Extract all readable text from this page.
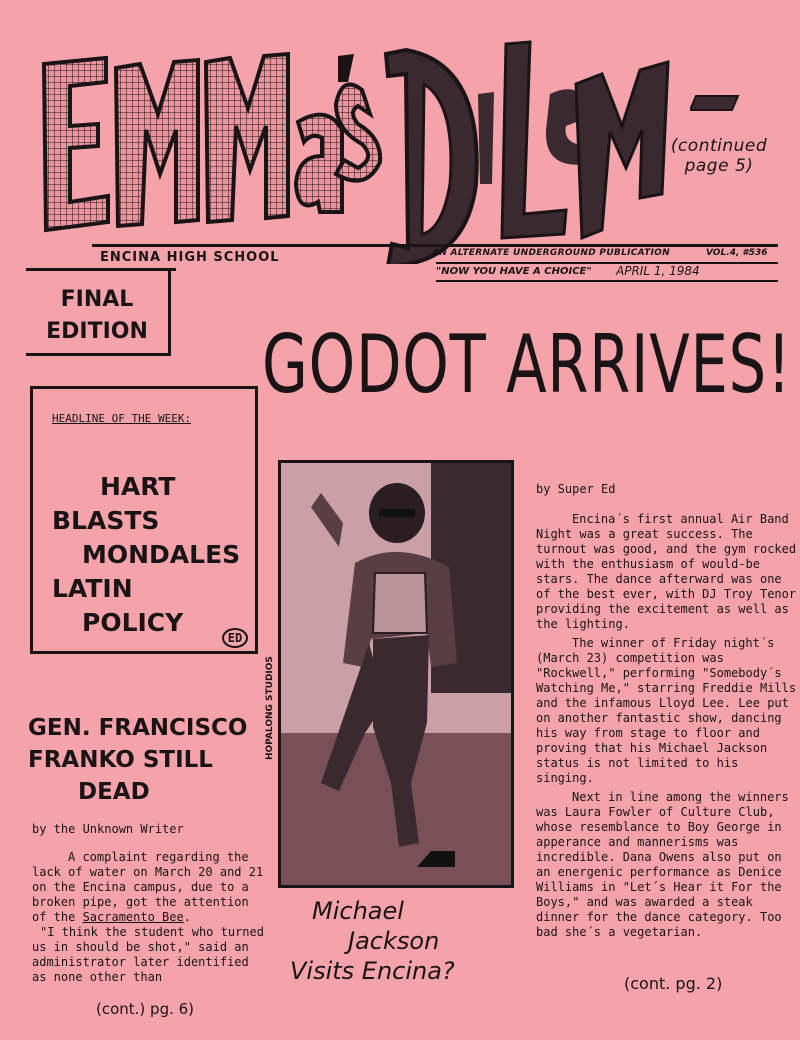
(continued page 5)
ENCINA HIGH SCHOOL	AN ALTERNATE UNDERGROUND PUBLICATION	VOL.4, #536
"NOW YOU HAVE A CHOICE" APRIL 1, 1984
FINAL
EDITION GODOT ARRIVES!
HEADLINE OF THE WEEK:
HART
BLASTS
MONDALES
LATIN
POLICY
ED
HOPALONG STUDIOS
Michael
Jackson
Visits Encina?
GEN. FRANCISCO
FRANKO STILL
DEAD
by the Unknown Writer

A complaint regarding the lack of water on March 20 and 21 on the Encina campus, due to a broken pipe, got the attention of the Sacramento Bee.

"I think the student who turned us in should be shot," said an administrator later identified as none other than

(cont.) pg. 6)
by Super Ed

Encina´s first annual Air Band Night was a great success. The turnout was good, and the gym rocked with the enthusiasm of would-be stars. The dance afterward was one of the best ever, with DJ Troy Tenor providing the excitement as well as the lighting.

The winner of Friday night´s (March 23) competition was "Rockwell," performing "Somebody´s Watching Me," starring Freddie Mills and the infamous Lloyd Lee. Lee put on another fantastic show, dancing his way from stage to floor and proving that his Michael Jackson status is not limited to his singing.

Next in line among the winners was Laura Fowler of Culture Club, whose resemblance to Boy George in apperance and mannerisms was incredible. Dana Owens also put on an energenic performance as Denice Williams in "Let´s Hear it For the Boys," and was awarded a steak dinner for the dance category. Too bad she´s a vegetarian.

(cont. pg. 2)
